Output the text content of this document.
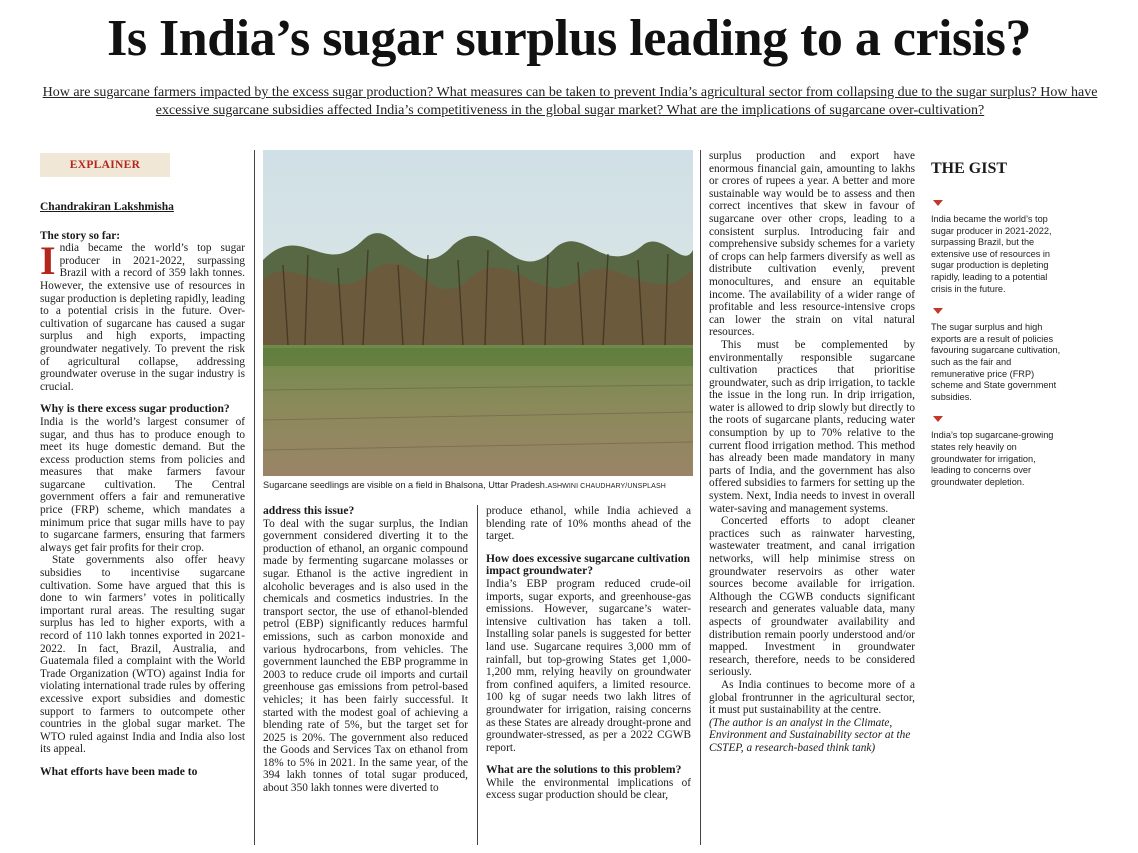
Is India’s sugar surplus leading to a crisis?

How are sugarcane farmers impacted by the excess sugar production? What measures can be taken to prevent India’s agricultural sector from collapsing due to the sugar surplus? How have excessive sugarcane subsidies affected India’s competitiveness in the global sugar market? What are the implications of sugarcane over-cultivation?

EXPLAINER

Chandrakiran Lakshmisha

The story so far:

India became the world’s top sugar producer in 2021-2022, surpassing Brazil with a record of 359 lakh tonnes. However, the extensive use of resources in sugar production is depleting rapidly, leading to a potential crisis in the future. Over-cultivation of sugarcane has caused a sugar surplus and high exports, impacting groundwater negatively. To prevent the risk of agricultural collapse, addressing groundwater overuse in the sugar industry is crucial.

Why is there excess sugar production?

India is the world’s largest consumer of sugar, and thus has to produce enough to meet its huge domestic demand. But the excess production stems from policies and measures that make farmers favour sugarcane cultivation. The Central government offers a fair and remunerative price (FRP) scheme, which mandates a minimum price that sugar mills have to pay to sugarcane farmers, ensuring that farmers always get fair profits for their crop.

State governments also offer heavy subsidies to incentivise sugarcane cultivation. Some have argued that this is done to win farmers’ votes in politically important rural areas. The resulting sugar surplus has led to higher exports, with a record of 110 lakh tonnes exported in 2021-2022. In fact, Brazil, Australia, and Guatemala filed a complaint with the World Trade Organization (WTO) against India for violating international trade rules by offering excessive export subsidies and domestic support to farmers to outcompete other countries in the global sugar market. The WTO ruled against India and India also lost its appeal.

What efforts have been made to
Sugarcane seedlings are visible on a field in Bhalsona, Uttar Pradesh.ASHWINI CHAUDHARY/UNSPLASH
address this issue?

To deal with the sugar surplus, the Indian government considered diverting it to the production of ethanol, an organic compound made by fermenting sugarcane molasses or sugar. Ethanol is the active ingredient in alcoholic beverages and is also used in the chemicals and cosmetics industries. In the transport sector, the use of ethanol-blended petrol (EBP) significantly reduces harmful emissions, such as carbon monoxide and various hydrocarbons, from vehicles. The government launched the EBP programme in 2003 to reduce crude oil imports and curtail greenhouse gas emissions from petrol-based vehicles; it has been fairly successful. It started with the modest goal of achieving a blending rate of 5%, but the target set for 2025 is 20%. The government also reduced the Goods and Services Tax on ethanol from 18% to 5% in 2021. In the same year, of the 394 lakh tonnes of total sugar produced, about 350 lakh tonnes were diverted to

produce ethanol, while India achieved a blending rate of 10% months ahead of the target.

How does excessive sugarcane cultivation impact groundwater?

India’s EBP program reduced crude-oil imports, sugar exports, and greenhouse-gas emissions. However, sugarcane’s water-intensive cultivation has taken a toll. Installing solar panels is suggested for better land use. Sugarcane requires 3,000 mm of rainfall, but top-growing States get 1,000-1,200 mm, relying heavily on groundwater from confined aquifers, a limited resource. 100 kg of sugar needs two lakh litres of groundwater for irrigation, raising concerns as these States are already drought-prone and groundwater-stressed, as per a 2022 CGWB report.

What are the solutions to this problem?

While the environmental implications of excess sugar production should be clear,

surplus production and export have enormous financial gain, amounting to lakhs or crores of rupees a year. A better and more sustainable way would be to assess and then correct incentives that skew in favour of sugarcane over other crops, leading to a consistent surplus. Introducing fair and comprehensive subsidy schemes for a variety of crops can help farmers diversify as well as distribute cultivation evenly, prevent monocultures, and ensure an equitable income. The availability of a wider range of profitable and less resource-intensive crops can lower the strain on vital natural resources.

This must be complemented by environmentally responsible sugarcane cultivation practices that prioritise groundwater, such as drip irrigation, to tackle the issue in the long run. In drip irrigation, water is allowed to drip slowly but directly to the roots of sugarcane plants, reducing water consumption by up to 70% relative to the current flood irrigation method. This method has already been made mandatory in many parts of India, and the government has also offered subsidies to farmers for setting up the system. Next, India needs to invest in overall water-saving and management systems.

Concerted efforts to adopt cleaner practices such as rainwater harvesting, wastewater treatment, and canal irrigation networks, will help minimise stress on groundwater reservoirs as other water sources become available for irrigation. Although the CGWB conducts significant research and generates valuable data, many aspects of groundwater availability and distribution remain poorly understood and/or mapped. Investment in groundwater research, therefore, needs to be considered seriously.

As India continues to become more of a global frontrunner in the agricultural sector, it must put sustainability at the centre.

(The author is an analyst in the Climate, Environment and Sustainability sector at the CSTEP, a research-based think tank)

THE GIST

India became the world’s top sugar producer in 2021-2022, surpassing Brazil, but the extensive use of resources in sugar production is depleting rapidly, leading to a potential crisis in the future.

The sugar surplus and high exports are a result of policies favouring sugarcane cultivation, such as the fair and remunerative price (FRP) scheme and State government subsidies.

India’s top sugarcane-growing states rely heavily on groundwater for irrigation, leading to concerns over groundwater depletion.
